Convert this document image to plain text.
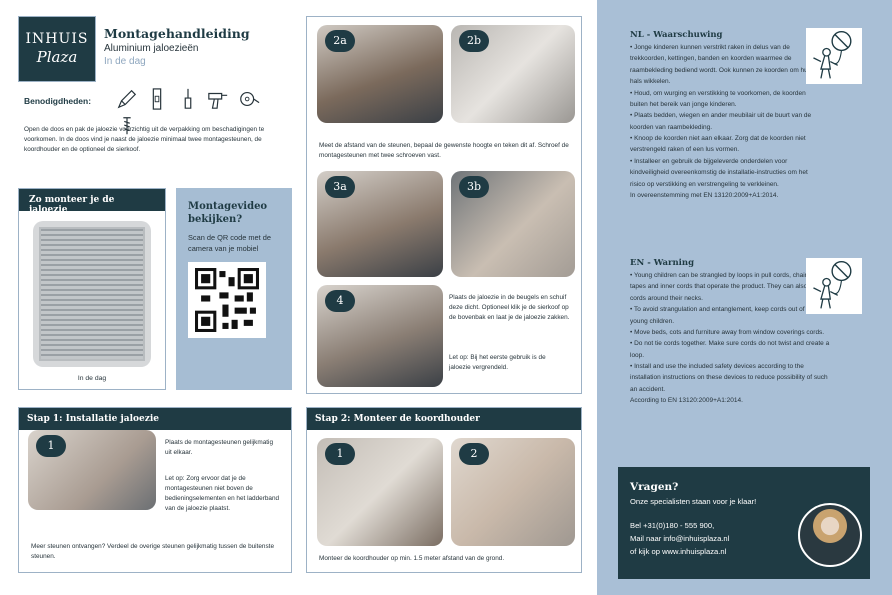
INHUIS
Plaza
Montagehandleiding
Aluminium jaloezieën
In de dag
Benodigdheden:

Open de doos en pak de jaloezie voorzichtig uit de verpakking om beschadigingen te voorkomen. In de doos vind je naast de jaloezie minimaal twee montagesteunen, de koordhouder en de optioneel de sierkoof.
Zo monteer je de jaloezie
In de dag
Montagevideo bekijken?
Scan de QR code met de camera van je mobiel
Stap 1: Installatie jaloezie
1	Plaats de montagesteunen gelijkmatig uit elkaar.
Let op: Zorg ervoor dat je de montagesteunen niet boven de bedieningselementen en het ladderband van de jaloezie plaatst.
Meer steunen ontvangen? Verdeel de overige steunen gelijkmatig tussen de buitenste steunen.
2a	2b
Meet de afstand van de steunen, bepaal de gewenste hoogte en teken dit af. Schroef de montagesteunen met twee schroeven vast.
3a	3b
4	Plaats de jaloezie in de beugels en schuif deze dicht. Optioneel klik je de sierkoof op de bovenbak en laat je de jaloezie zakken.
Let op: Bij het eerste gebruik is de jaloezie vergrendeld.
Stap 2: Monteer de koordhouder
1	2
Monteer de koordhouder op min. 1.5 meter afstand van de grond.
NL - Waarschuwing
• Jonge kinderen kunnen verstrikt raken in delus van de trekkoorden, kettingen, banden en koorden waarmee de raambekleding bediend wordt. Ook kunnen ze koorden om hun hals wikkelen.
• Houd, om wurging en verstikking te voorkomen, de koorden buiten het bereik van jonge kinderen.
• Plaats bedden, wiegen en ander meubilair uit de buurt van de koorden van raambekleding.
• Knoop de koorden niet aan elkaar. Zorg dat de koorden niet verstrengeld raken of een lus vormen.
• Installeer en gebruik de bijgeleverde onderdelen voor kindveiligheid overeenkomstig de installatie-instructies om het risico op verstikking en verstrengeling te verkleinen.
In overeenstemming met EN 13120:2009+A1:2014.
EN - Warning
• Young children can be strangled by loops in pull cords, chains, tapes and inner cords that operate the product. They can also wrap cords around their necks.
• To avoid strangulation and entanglement, keep cords out of reach of young children.
• Move beds, cots and furniture away from window coverings cords.
• Do not tie cords together. Make sure cords do not twist and create a loop.
• Install and use the included safety devices according to the installation instructions on these devices to reduce possibility of such an accident.
According to EN 13120:2009+A1:2014.
Vragen?
Onze specialisten staan voor je klaar!
Bel +31(0)180 - 555 900,
Mail naar info@inhuisplaza.nl
of kijk op www.inhuisplaza.nl
